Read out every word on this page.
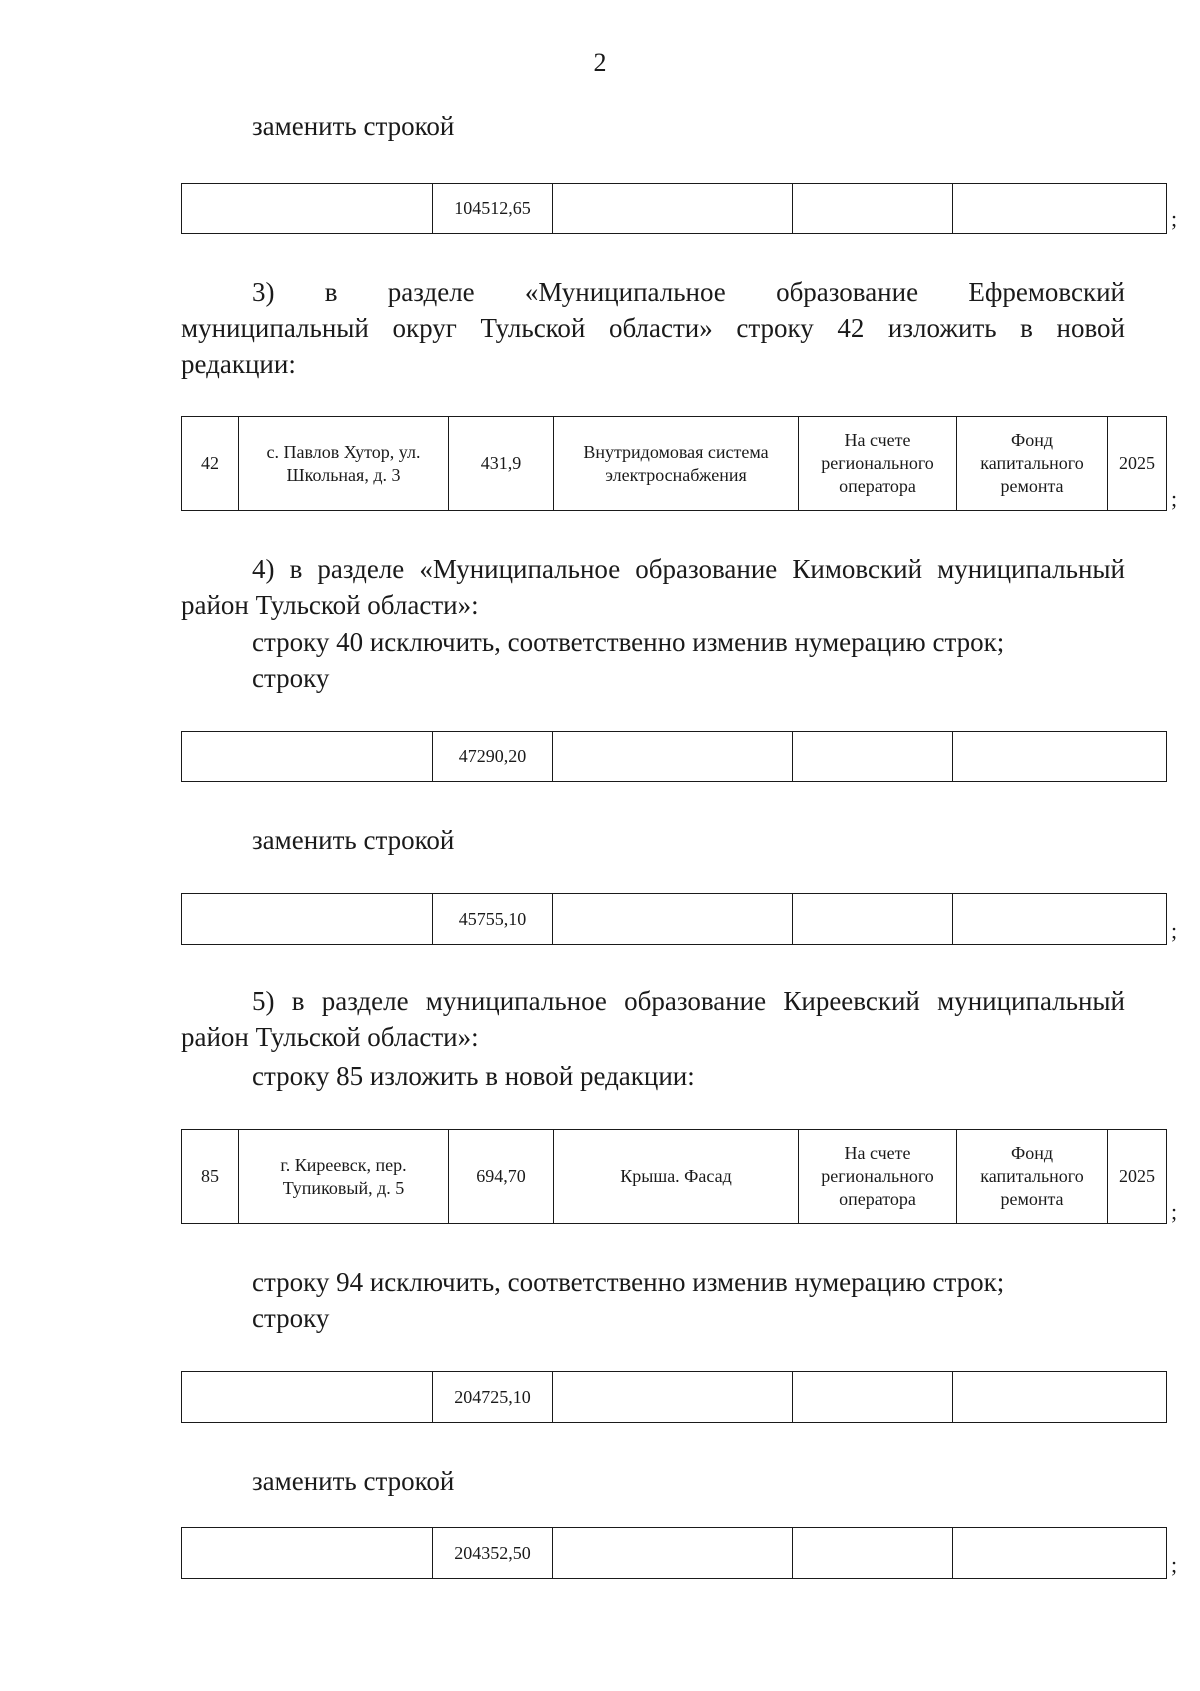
2
заменить строкой
	104512,65				;
3) в разделе «Муниципальное образование Ефремовский
муниципальный округ Тульской области» строку 42 изложить в новой
редакции:
42	с. Павлов Хутор, ул. Школьная, д. 3	431,9	Внутридомовая система электроснабжения	На счете регионального оператора	Фонд капитального ремонта	2025
;
4) в разделе «Муниципальное образование Кимовский муниципальный
район Тульской области»:
строку 40 исключить, соответственно изменив нумерацию строк;
строку
	47290,20			
заменить строкой
	45755,10				;
5) в разделе муниципальное образование Киреевский муниципальный
район Тульской области»:
строку 85 изложить в новой редакции:
85	г. Киреевск, пер. Тупиковый, д. 5	694,70	Крыша. Фасад	На счете регионального оператора	Фонд капитального ремонта	2025
;
строку 94 исключить, соответственно изменив нумерацию строк;
строку
	204725,10			
заменить строкой
	204352,50				;
